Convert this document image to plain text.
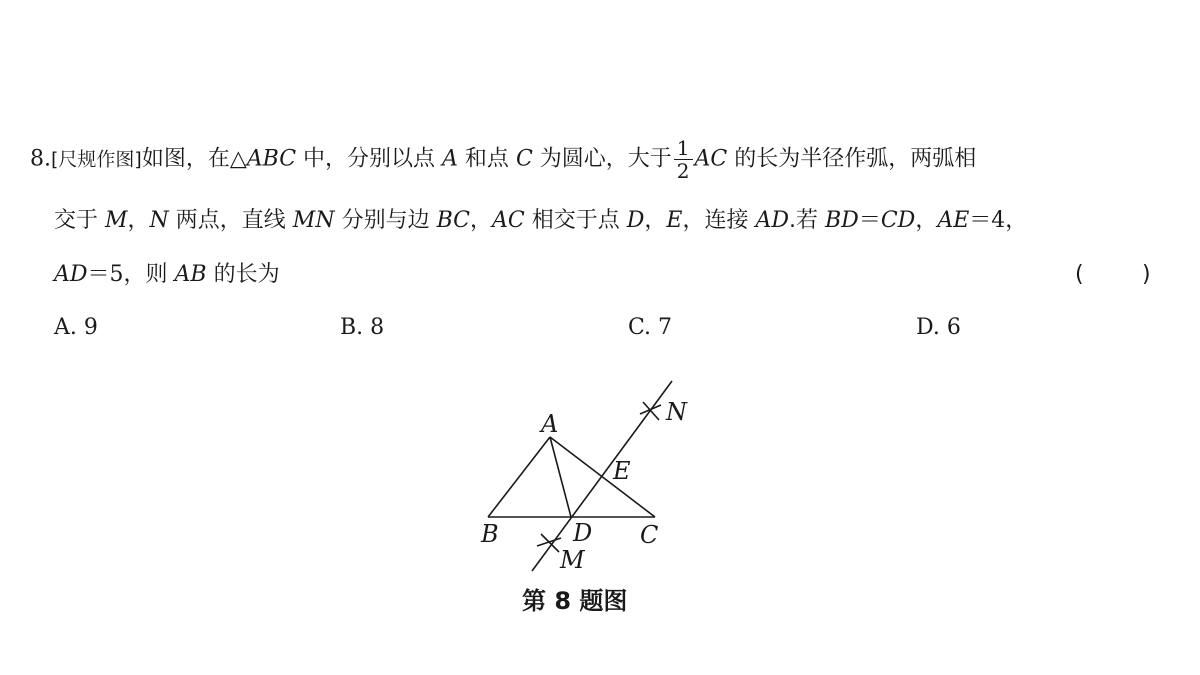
8.[尺规作图]如图，在△ABC 中，分别以点 A 和点 C 为圆心，大于 $\frac{1}{2}$ AC 的长为半径作弧，两弧相
交于 M，N 两点，直线 MN 分别与边 BC，AC 相交于点 D，E，连接 AD.若 BD＝CD，AE＝4，
AD＝5，则 AB 的长为	(	)
A. 9	B. 8	C. 7	D. 6
A
B	C
D
E
M
N
第 8 题图
